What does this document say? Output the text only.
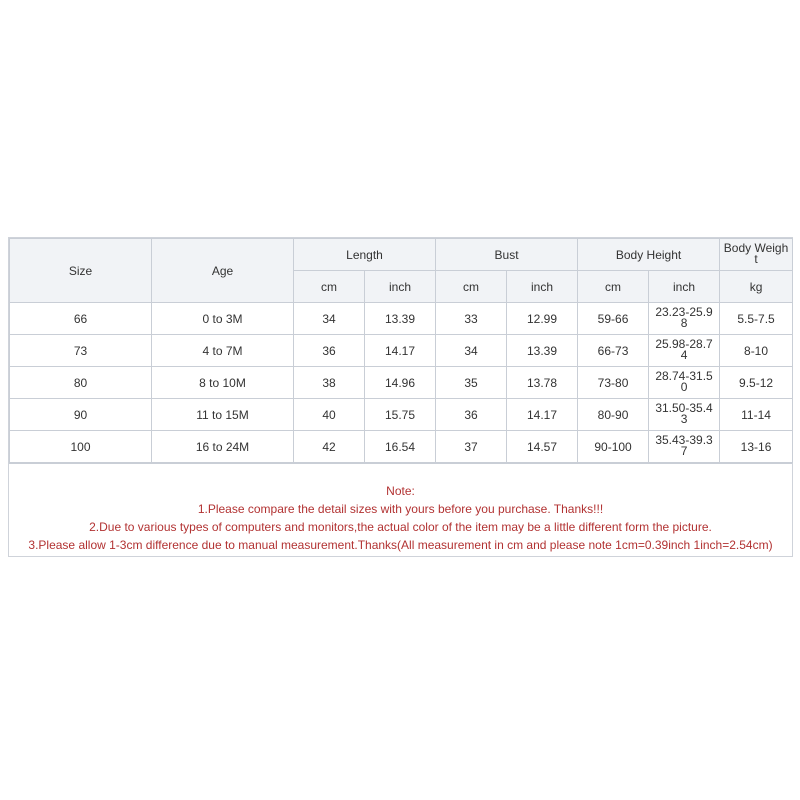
Size	Age	Length		Bust		Body Height		Body Weight
		cm	inch	cm	inch	cm	inch	kg
66	0 to 3M	34	13.39	33	12.99	59-66	23.23-25.98	5.5-7.5
73	4 to 7M	36	14.17	34	13.39	66-73	25.98-28.74	8-10
80	8 to 10M	38	14.96	35	13.78	73-80	28.74-31.50	9.5-12
90	11 to 15M	40	15.75	36	14.17	80-90	31.50-35.43	11-14
100	16 to 24M	42	16.54	37	14.57	90-100	35.43-39.37	13-16
Note:
1.Please compare the detail sizes with yours before you purchase. Thanks!!!
2.Due to various types of computers and monitors,the actual color of the item may be a little different form the picture.
3.Please allow 1-3cm difference due to manual measurement.Thanks(All measurement in cm and please note 1cm=0.39inch 1inch=2.54cm)
